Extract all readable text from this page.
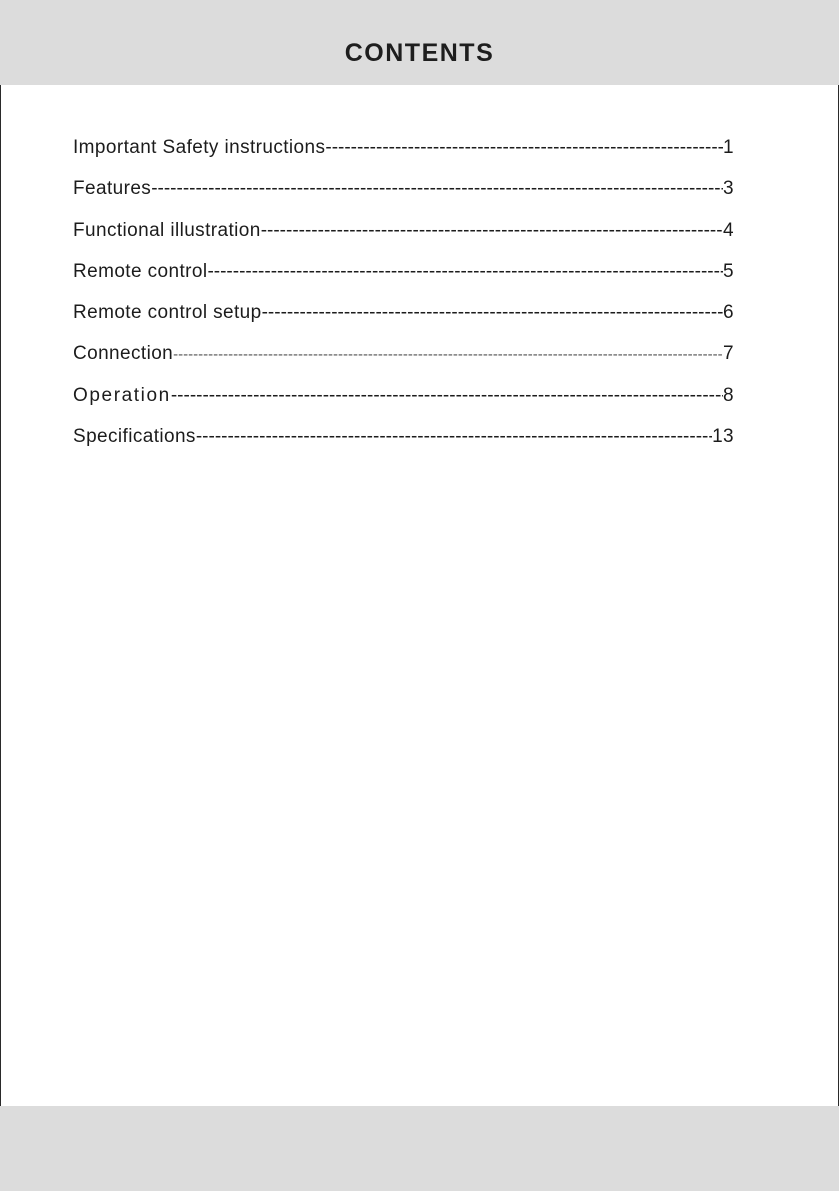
CONTENTS
Important Safety instructions -----	1
Features -----	3
Functional illustration -----	4
Remote control -----	5
Remote control setup -----	6
Connection -----	7
Operation -----	8
Specifications -----	13
